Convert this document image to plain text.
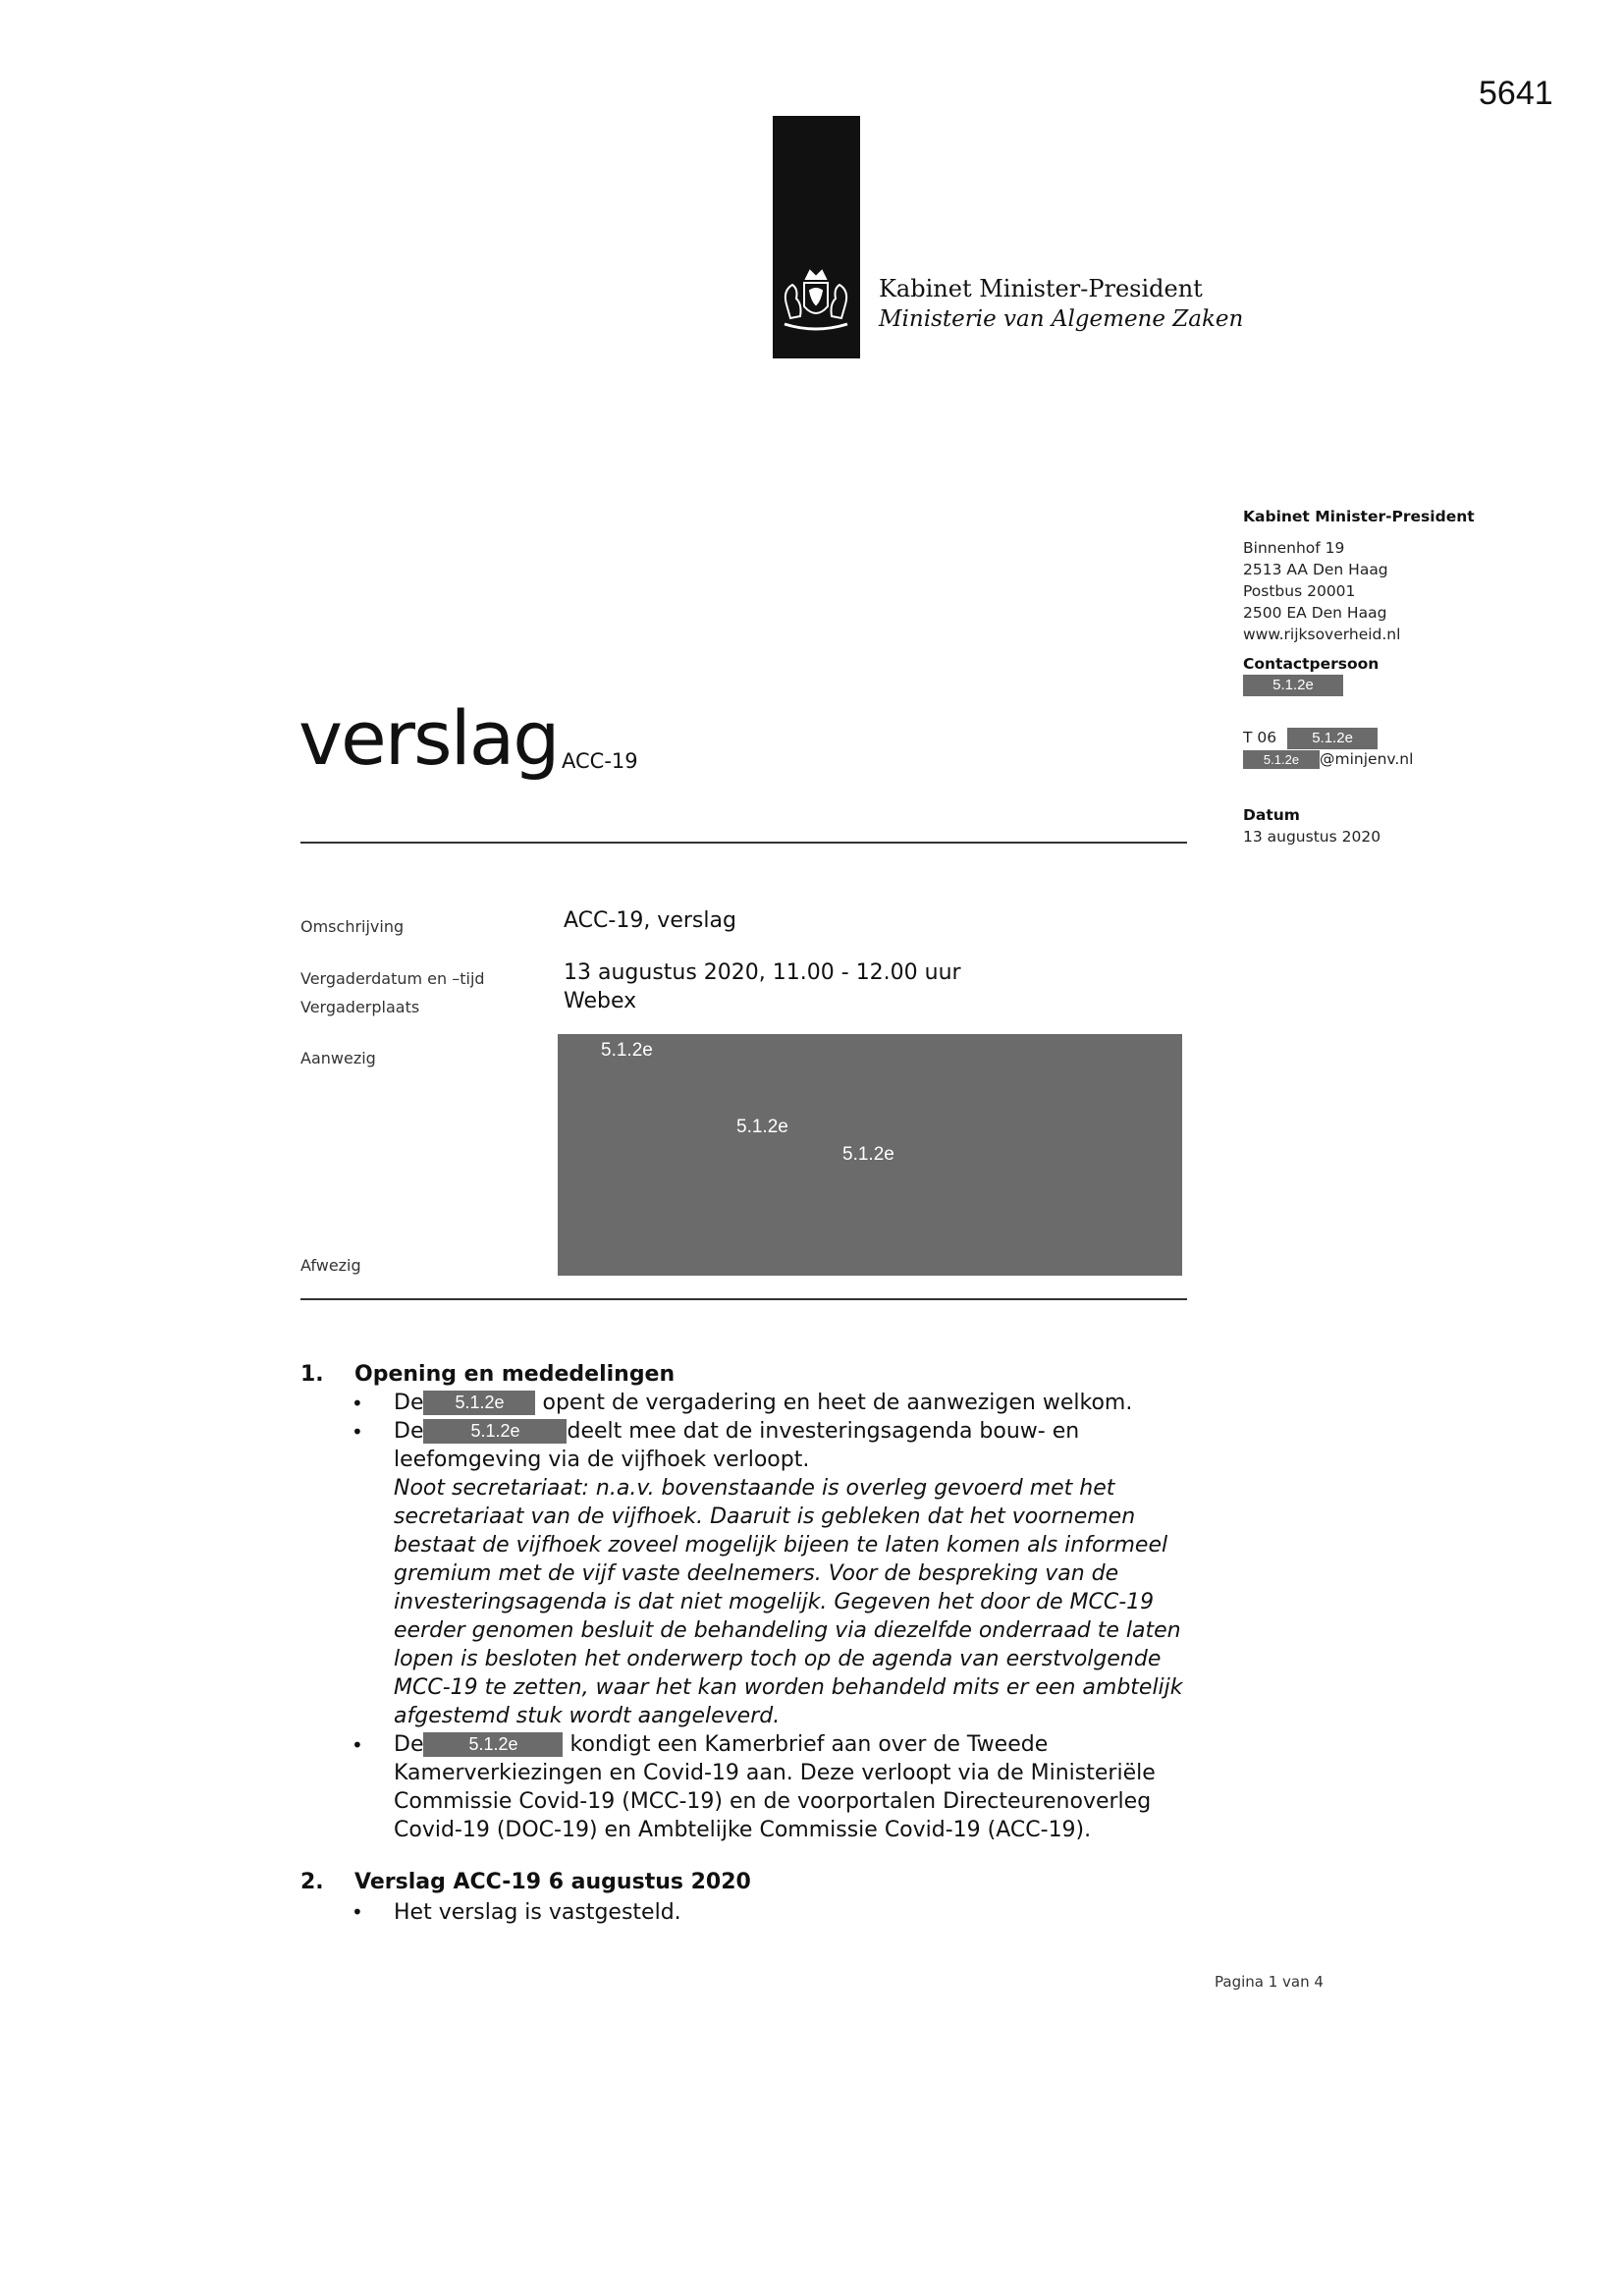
5641
Kabinet Minister-President
Ministerie van Algemene Zaken
Kabinet Minister-President
Binnenhof 19
2513 AA Den Haag
Postbus 20001
2500 EA Den Haag
www.rijksoverheid.nl
Contactpersoon
5.1.2e
T 06 5.1.2e
5.1.2e @minjenv.nl
Datum
13 augustus 2020
verslag ACC-19
Omschrijving	ACC-19, verslag
Vergaderdatum en –tijd	13 augustus 2020, 11.00 - 12.00 uur
Vergaderplaats	Webex
Aanwezig	5.1.2e
5.1.2e
5.1.2e
Afwezig
1. Opening en mededelingen
• De 5.1.2e opent de vergadering en heet de aanwezigen welkom.
• De	5.1.2e deelt mee dat de investeringsagenda bouw- en
leefomgeving via de vijfhoek verloopt.
Noot secretariaat: n.a.v. bovenstaande is overleg gevoerd met het
secretariaat van de vijfhoek. Daaruit is gebleken dat het voornemen
bestaat de vijfhoek zoveel mogelijk bijeen te laten komen als informeel
gremium met de vijf vaste deelnemers. Voor de bespreking van de
investeringsagenda is dat niet mogelijk. Gegeven het door de MCC-19
eerder genomen besluit de behandeling via diezelfde onderraad te laten
lopen is besloten het onderwerp toch op de agenda van eerstvolgende
MCC-19 te zetten, waar het kan worden behandeld mits er een ambtelijk
afgestemd stuk wordt aangeleverd.
• De	5.1.2e kondigt een Kamerbrief aan over de Tweede
Kamerverkiezingen en Covid-19 aan. Deze verloopt via de Ministeriële
Commissie Covid-19 (MCC-19) en de voorportalen Directeurenoverleg
Covid-19 (DOC-19) en Ambtelijke Commissie Covid-19 (ACC-19).
2. Verslag ACC-19 6 augustus 2020
• Het verslag is vastgesteld.
Pagina 1 van 4
